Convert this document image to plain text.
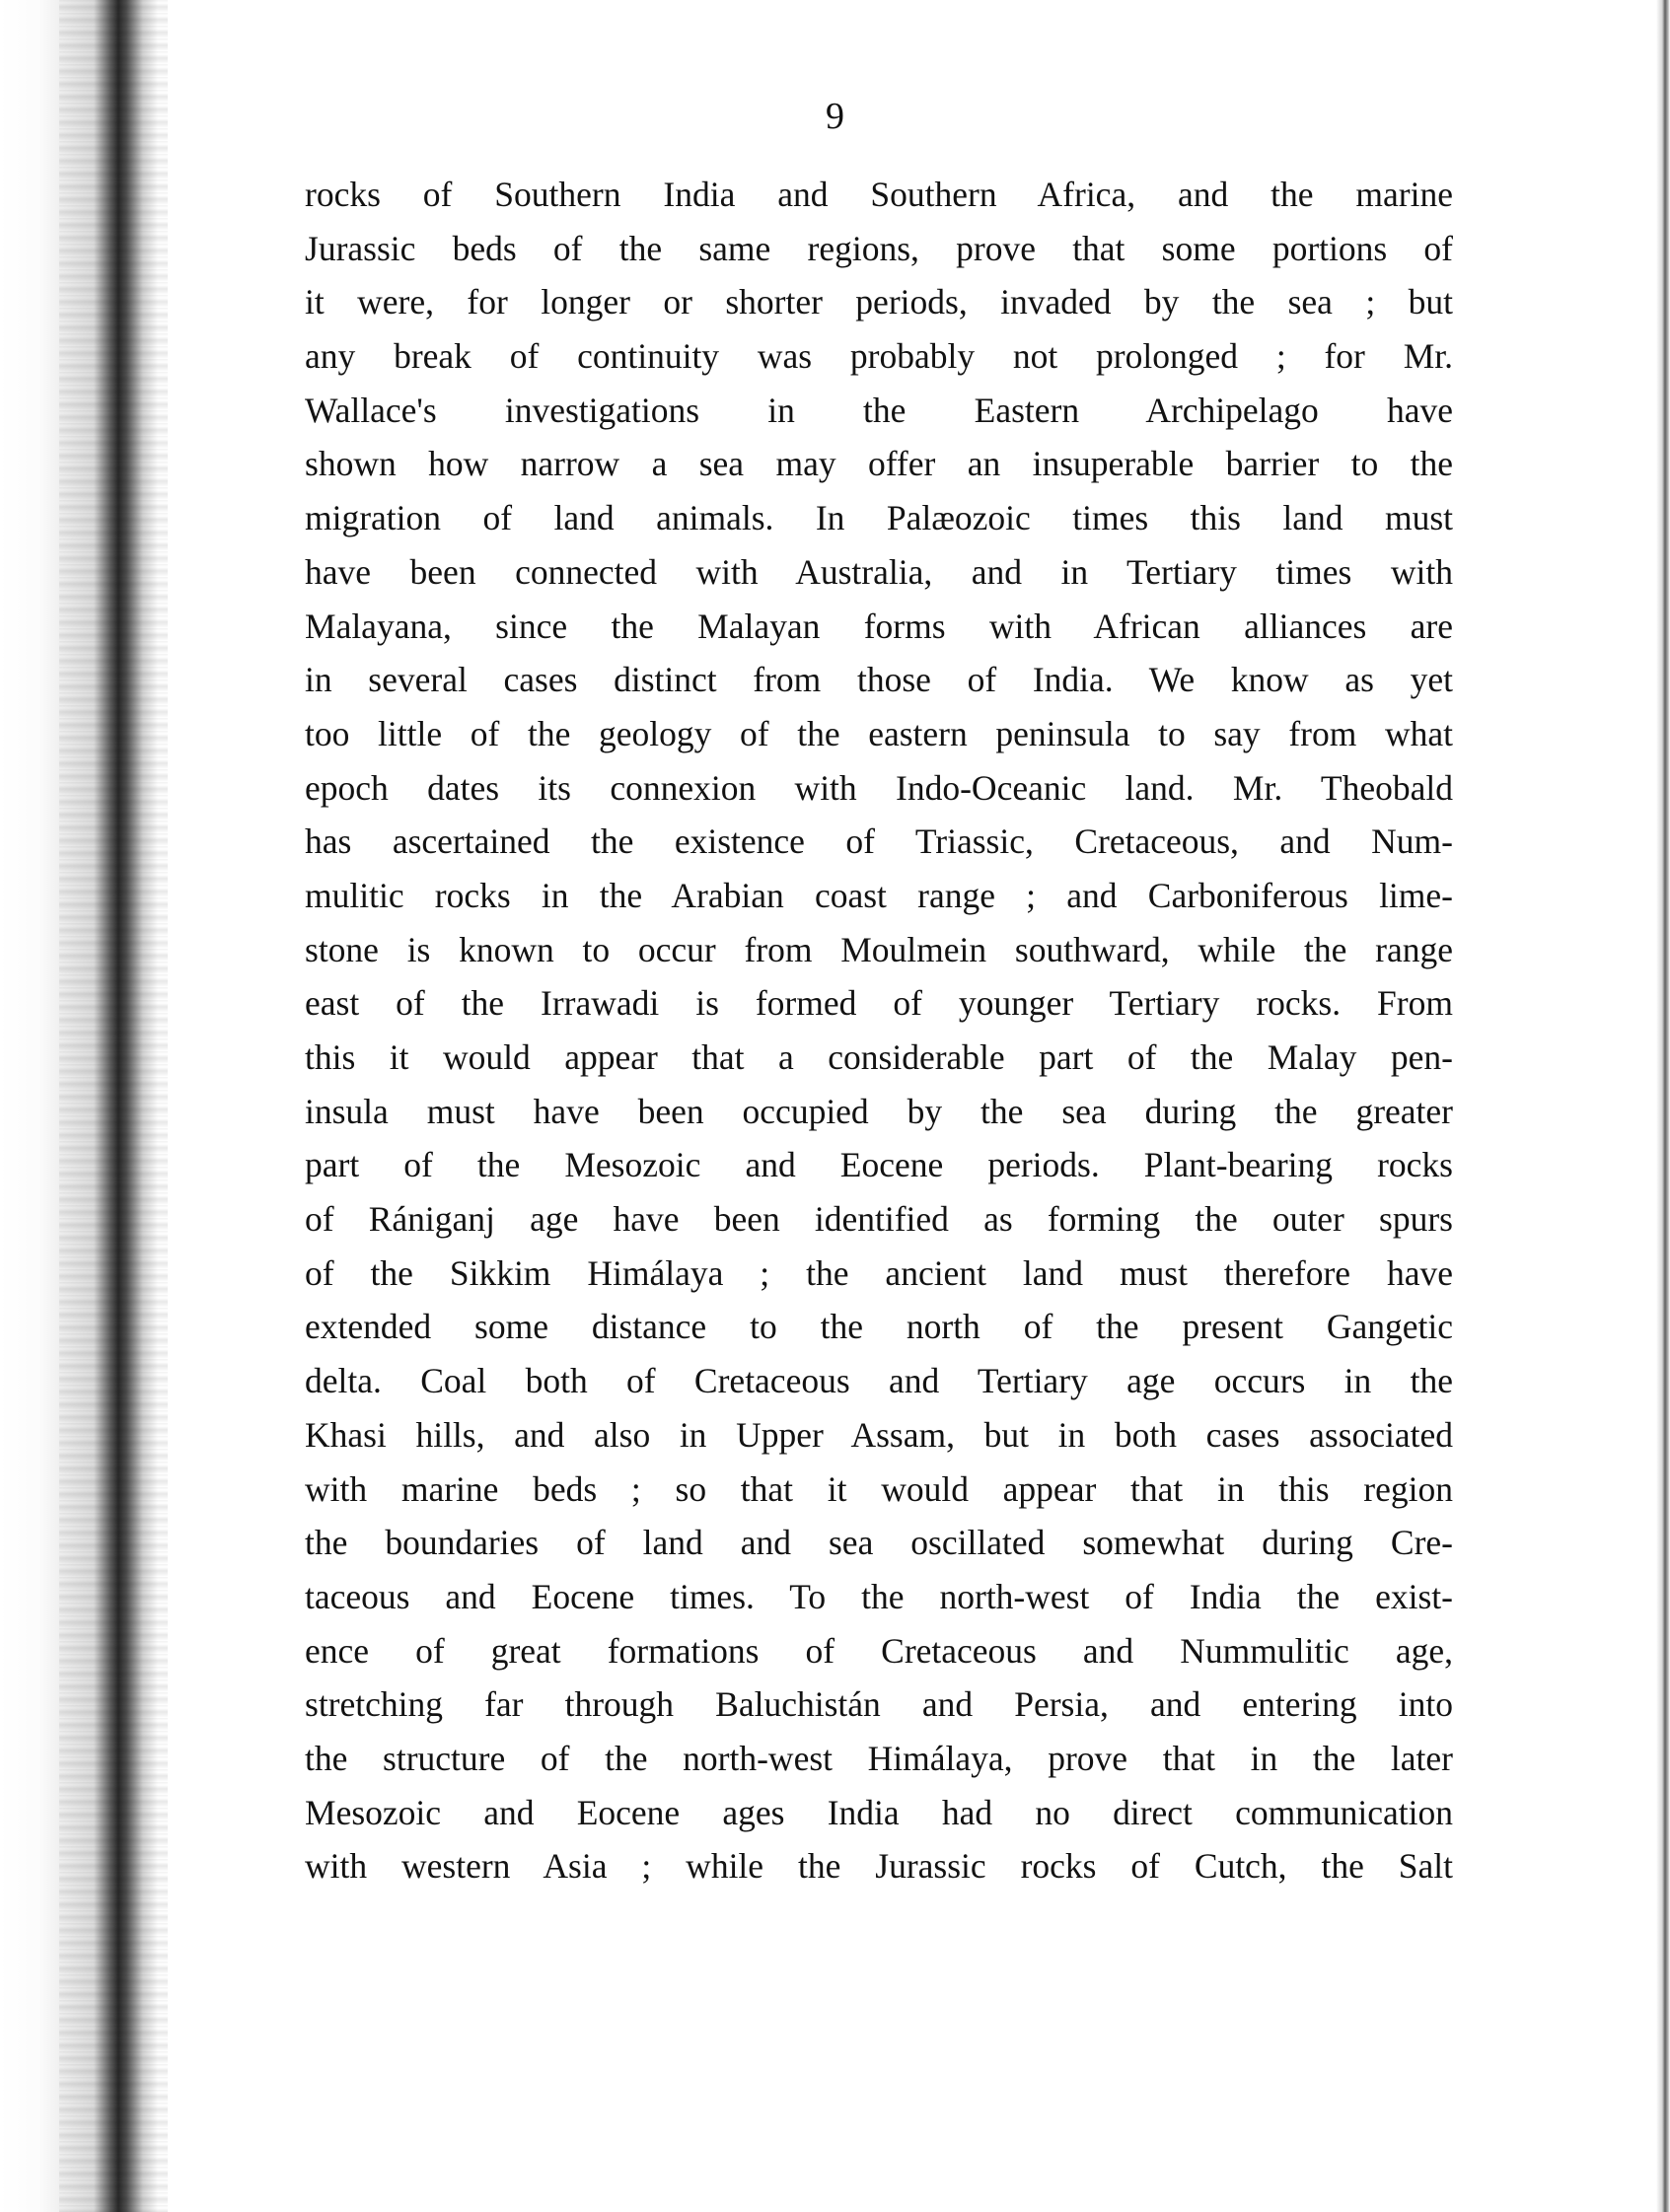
9

rocks of Southern India and Southern Africa, and the marine
Jurassic beds of the same regions, prove that some portions of
it were, for longer or shorter periods, invaded by the sea ; but
any break of continuity was probably not prolonged ; for Mr.
Wallace's investigations in the Eastern Archipelago have
shown how narrow a sea may offer an insuperable barrier to the
migration of land animals. In Palæozoic times this land must
have been connected with Australia, and in Tertiary times with
Malayana, since the Malayan forms with African alliances are
in several cases distinct from those of India. We know as yet
too little of the geology of the eastern peninsula to say from what
epoch dates its connexion with Indo-Oceanic land. Mr. Theobald
has ascertained the existence of Triassic, Cretaceous, and Num-
mulitic rocks in the Arabian coast range ; and Carboniferous lime-
stone is known to occur from Moulmein southward, while the range
east of the Irrawadi is formed of younger Tertiary rocks. From
this it would appear that a considerable part of the Malay pen-
insula must have been occupied by the sea during the greater
part of the Mesozoic and Eocene periods. Plant-bearing rocks
of Rániganj age have been identified as forming the outer spurs
of the Sikkim Himálaya ; the ancient land must therefore have
extended some distance to the north of the present Gangetic
delta. Coal both of Cretaceous and Tertiary age occurs in the
Khasi hills, and also in Upper Assam, but in both cases associated
with marine beds ; so that it would appear that in this region
the boundaries of land and sea oscillated somewhat during Cre-
taceous and Eocene times. To the north-west of India the exist-
ence of great formations of Cretaceous and Nummulitic age,
stretching far through Baluchistán and Persia, and entering into
the structure of the north-west Himálaya, prove that in the later
Mesozoic and Eocene ages India had no direct communication
with western Asia ; while the Jurassic rocks of Cutch, the Salt
